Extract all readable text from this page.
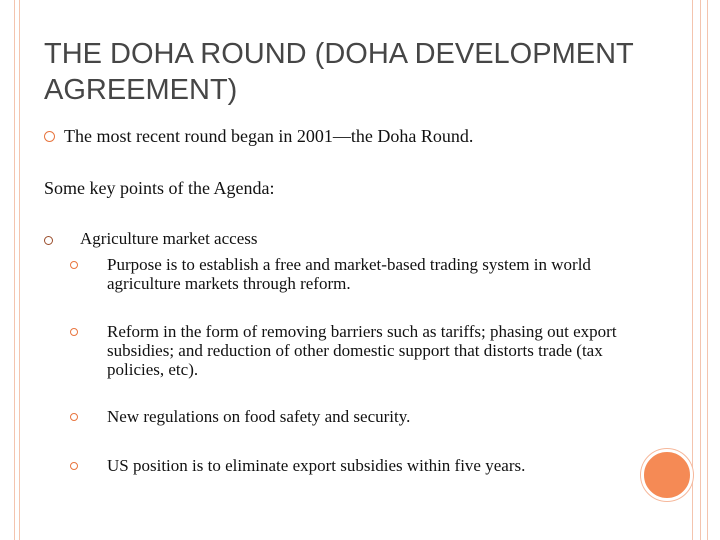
THE DOHA ROUND (DOHA DEVELOPMENT AGREEMENT)
The most recent round began in 2001—the Doha Round.
Some key points of the Agenda:
Agriculture market access
Purpose is to establish a free and market-based trading system in world agriculture markets through reform.
Reform in the form of removing barriers such as tariffs; phasing out export subsidies; and reduction of other domestic support that distorts trade (tax policies, etc).
New regulations on food safety and security.
US position is to eliminate export subsidies within five years.
